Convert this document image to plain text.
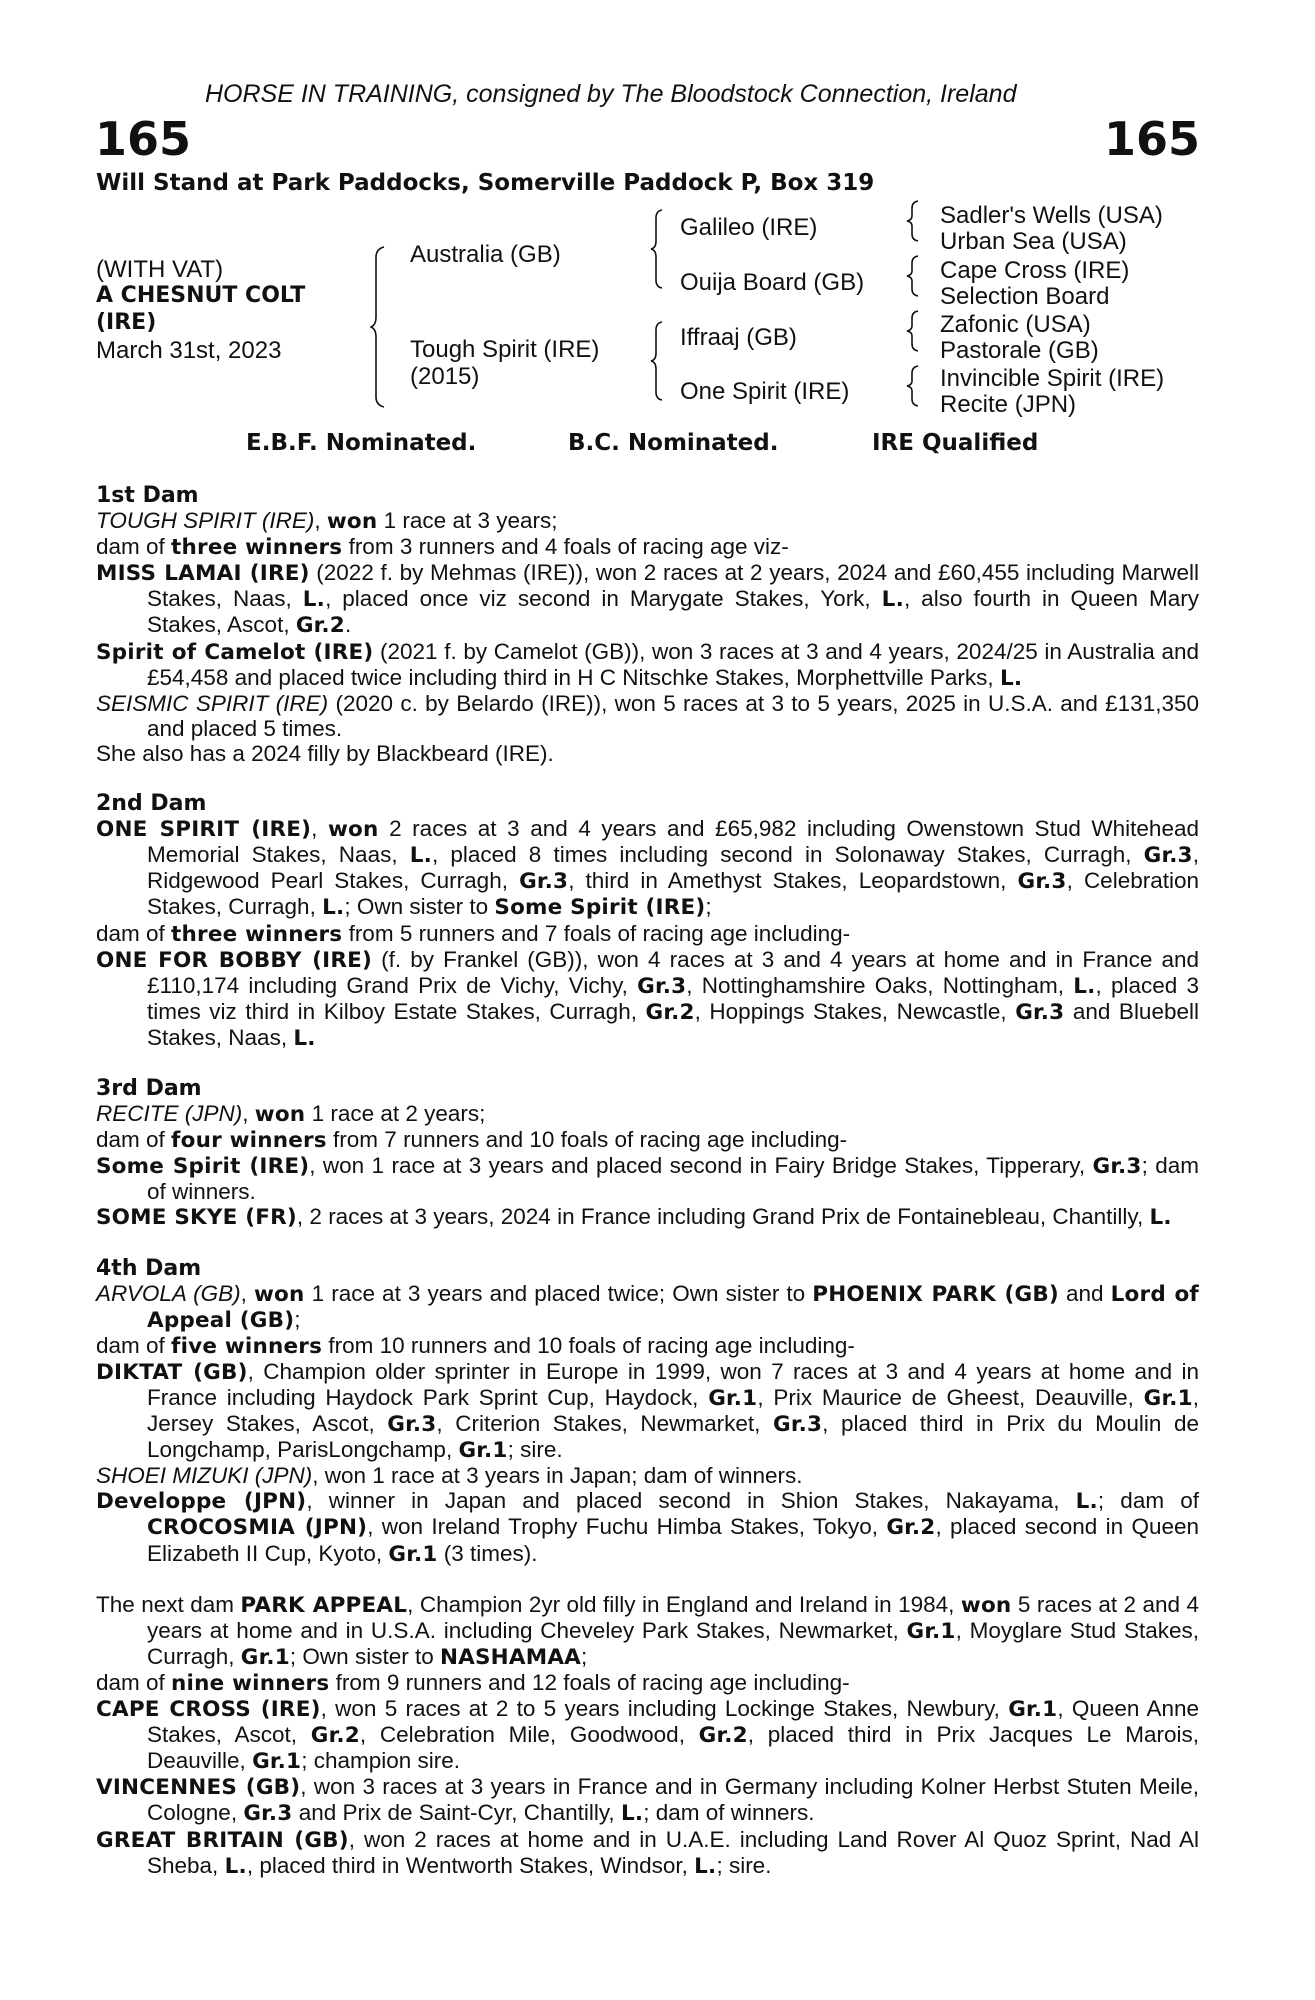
HORSE IN TRAINING, consigned by The Bloodstock Connection, Ireland
165	165
Will Stand at Park Paddocks, Somerville Paddock P, Box 319
(WITH VAT)
A CHESNUT COLT
(IRE)
March 31st, 2023
Australia (GB)
Tough Spirit (IRE)
(2015)
Galileo (IRE)
Ouija Board (GB)
Iffraaj (GB)
One Spirit (IRE)
Sadler's Wells (USA)
Urban Sea (USA)
Cape Cross (IRE)
Selection Board
Zafonic (USA)
Pastorale (GB)
Invincible Spirit (IRE)
Recite (JPN)
E.B.F. Nominated.	B.C. Nominated.	IRE Qualified

1st Dam

TOUGH SPIRIT (IRE), won 1 race at 3 years;

dam of three winners from 3 runners and 4 foals of racing age viz-

MISS LAMAI (IRE) (2022 f. by Mehmas (IRE)), won 2 races at 2 years, 2024 and £60,455 including Marwell Stakes, Naas, L., placed once viz second in Marygate Stakes, York, L., also fourth in Queen Mary Stakes, Ascot, Gr.2.

Spirit of Camelot (IRE) (2021 f. by Camelot (GB)), won 3 races at 3 and 4 years, 2024/25 in Australia and £54,458 and placed twice including third in H C Nitschke Stakes, Morphettville Parks, L.

SEISMIC SPIRIT (IRE) (2020 c. by Belardo (IRE)), won 5 races at 3 to 5 years, 2025 in U.S.A. and £131,350 and placed 5 times.

She also has a 2024 filly by Blackbeard (IRE).

2nd Dam

ONE SPIRIT (IRE), won 2 races at 3 and 4 years and £65,982 including Owenstown Stud Whitehead Memorial Stakes, Naas, L., placed 8 times including second in Solonaway Stakes, Curragh, Gr.3, Ridgewood Pearl Stakes, Curragh, Gr.3, third in Amethyst Stakes, Leopardstown, Gr.3, Celebration Stakes, Curragh, L.; Own sister to Some Spirit (IRE);

dam of three winners from 5 runners and 7 foals of racing age including-

ONE FOR BOBBY (IRE) (f. by Frankel (GB)), won 4 races at 3 and 4 years at home and in France and £110,174 including Grand Prix de Vichy, Vichy, Gr.3, Nottinghamshire Oaks, Nottingham, L., placed 3 times viz third in Kilboy Estate Stakes, Curragh, Gr.2, Hoppings Stakes, Newcastle, Gr.3 and Bluebell Stakes, Naas, L.

3rd Dam

RECITE (JPN), won 1 race at 2 years;

dam of four winners from 7 runners and 10 foals of racing age including-

Some Spirit (IRE), won 1 race at 3 years and placed second in Fairy Bridge Stakes, Tipperary, Gr.3; dam of winners.

SOME SKYE (FR), 2 races at 3 years, 2024 in France including Grand Prix de Fontainebleau, Chantilly, L.

4th Dam

ARVOLA (GB), won 1 race at 3 years and placed twice; Own sister to PHOENIX PARK (GB) and Lord of Appeal (GB);

dam of five winners from 10 runners and 10 foals of racing age including-

DIKTAT (GB), Champion older sprinter in Europe in 1999, won 7 races at 3 and 4 years at home and in France including Haydock Park Sprint Cup, Haydock, Gr.1, Prix Maurice de Gheest, Deauville, Gr.1, Jersey Stakes, Ascot, Gr.3, Criterion Stakes, Newmarket, Gr.3, placed third in Prix du Moulin de Longchamp, ParisLongchamp, Gr.1; sire.

SHOEI MIZUKI (JPN), won 1 race at 3 years in Japan; dam of winners.

Developpe (JPN), winner in Japan and placed second in Shion Stakes, Nakayama, L.; dam of CROCOSMIA (JPN), won Ireland Trophy Fuchu Himba Stakes, Tokyo, Gr.2, placed second in Queen Elizabeth II Cup, Kyoto, Gr.1 (3 times).

The next dam PARK APPEAL, Champion 2yr old filly in England and Ireland in 1984, won 5 races at 2 and 4 years at home and in U.S.A. including Cheveley Park Stakes, Newmarket, Gr.1, Moyglare Stud Stakes, Curragh, Gr.1; Own sister to NASHAMAA;

dam of nine winners from 9 runners and 12 foals of racing age including-

CAPE CROSS (IRE), won 5 races at 2 to 5 years including Lockinge Stakes, Newbury, Gr.1, Queen Anne Stakes, Ascot, Gr.2, Celebration Mile, Goodwood, Gr.2, placed third in Prix Jacques Le Marois, Deauville, Gr.1; champion sire.

VINCENNES (GB), won 3 races at 3 years in France and in Germany including Kolner Herbst Stuten Meile, Cologne, Gr.3 and Prix de Saint-Cyr, Chantilly, L.; dam of winners.

GREAT BRITAIN (GB), won 2 races at home and in U.A.E. including Land Rover Al Quoz Sprint, Nad Al Sheba, L., placed third in Wentworth Stakes, Windsor, L.; sire.
